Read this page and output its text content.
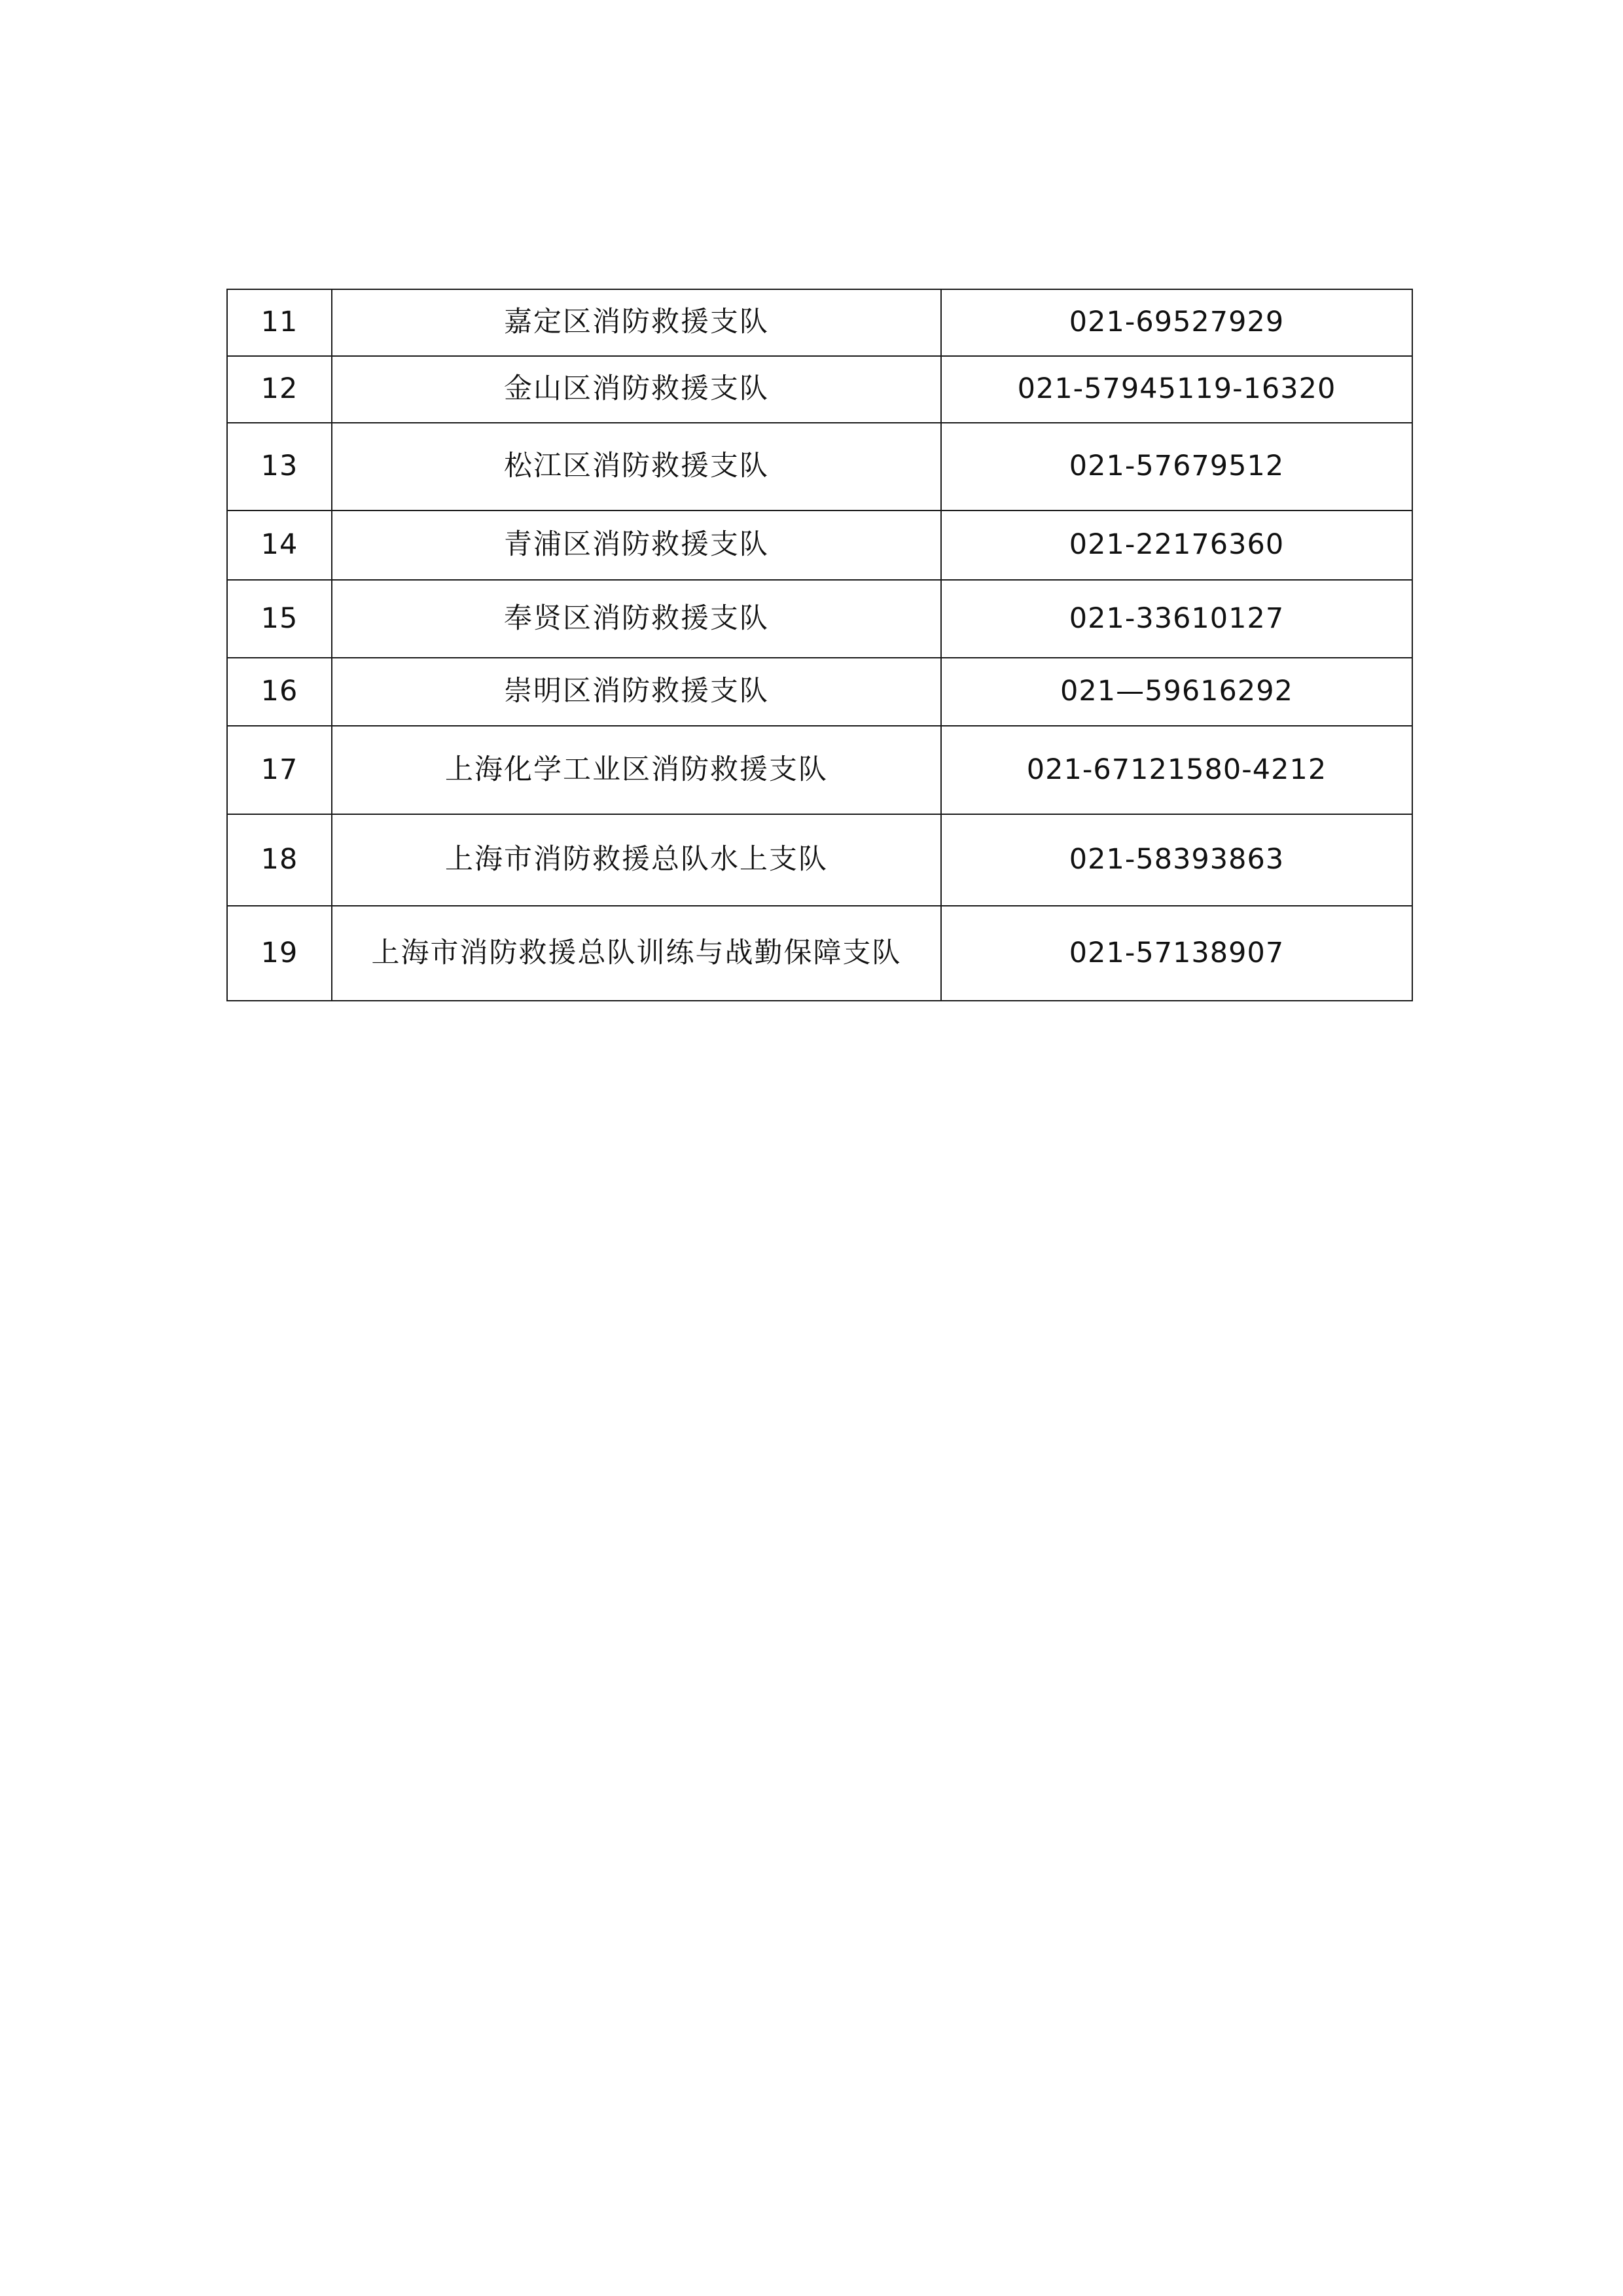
11	嘉定区消防救援支队	021-69527929
12	金山区消防救援支队	021-57945119-16320
13	松江区消防救援支队	021-57679512
14	青浦区消防救援支队	021-22176360
15	奉贤区消防救援支队	021-33610127
16	崇明区消防救援支队	021—59616292
17	上海化学工业区消防救援支队	021-67121580-4212
18	上海市消防救援总队水上支队	021-58393863
19	上海市消防救援总队训练与战勤保障支队	021-57138907
